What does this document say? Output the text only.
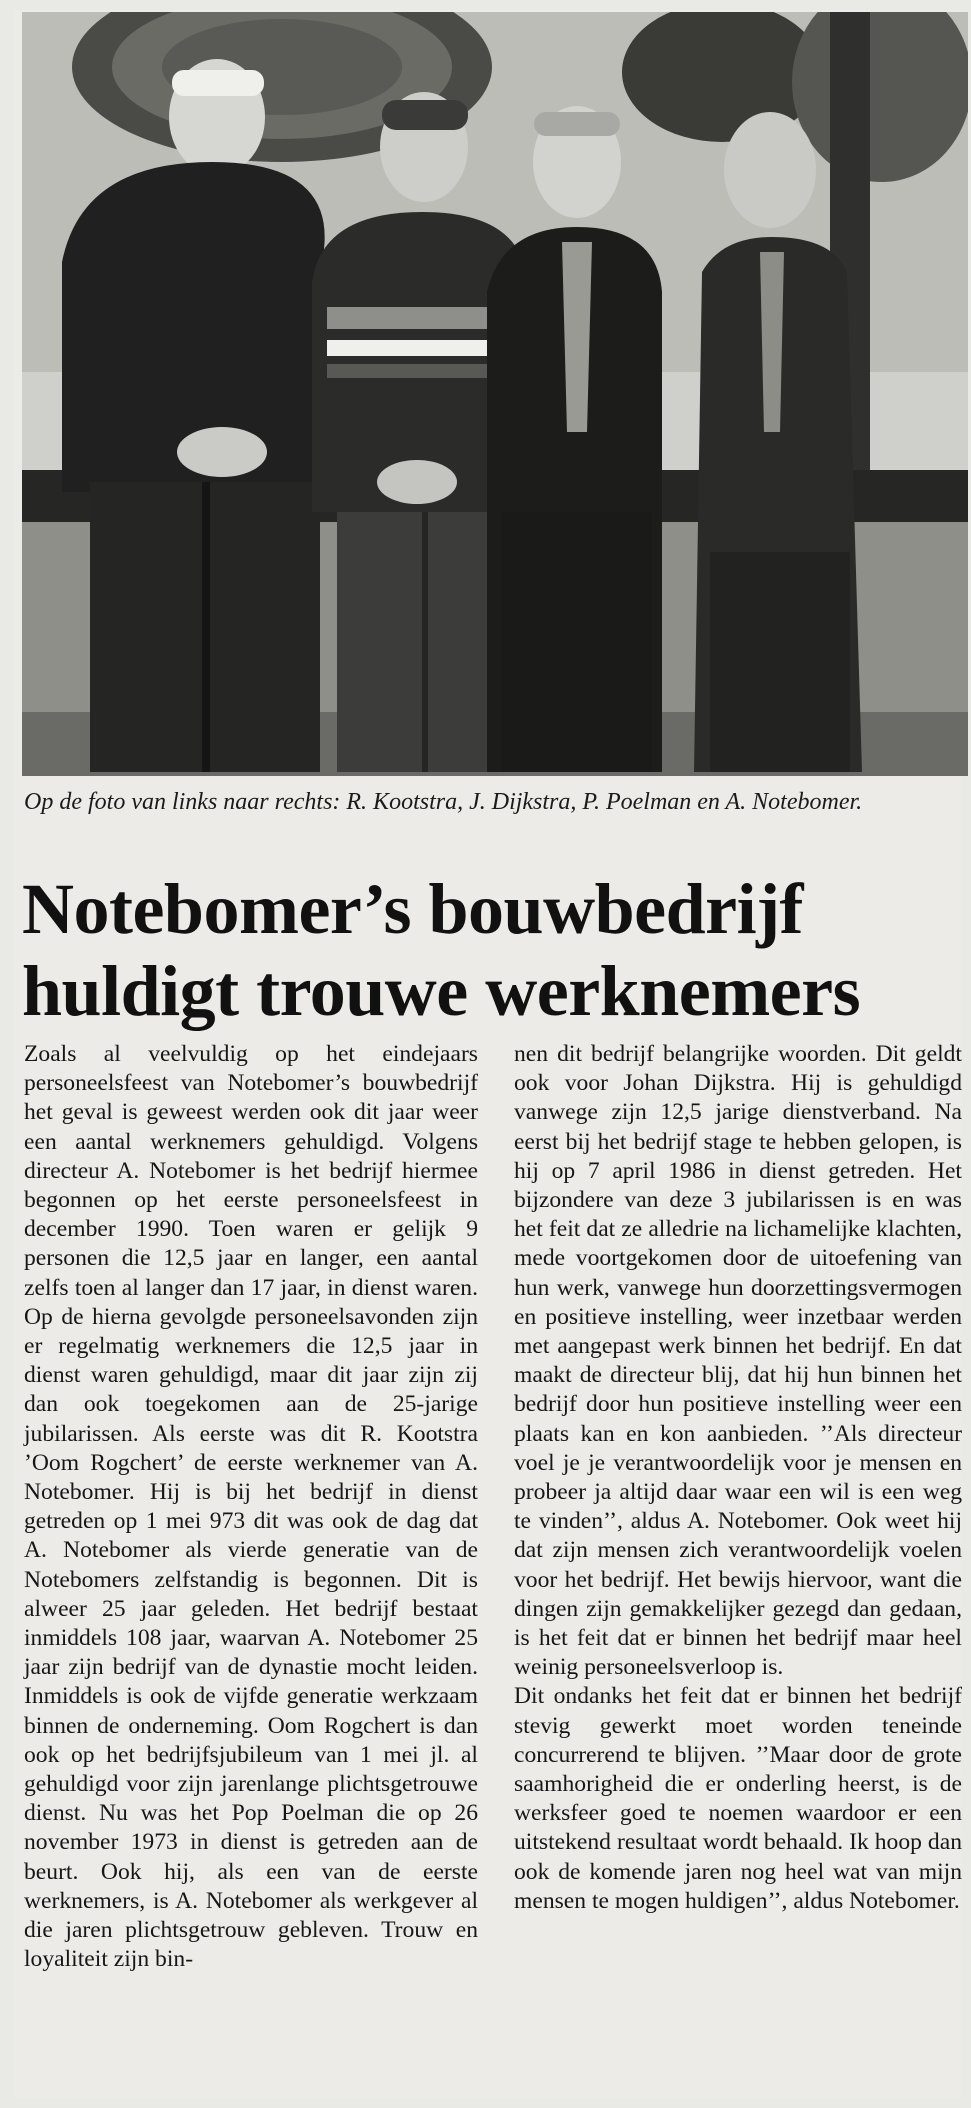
Op de foto van links naar rechts: R. Kootstra, J. Dijkstra, P. Poelman en A. Notebomer.
Notebomer’s bouwbedrijf
huldigt trouwe werknemers

Zoals al veelvuldig op het eindejaars personeelsfeest van Notebomer’s bouwbedrijf het geval is geweest werden ook dit jaar weer een aantal werknemers gehuldigd. Volgens directeur A. Notebomer is het bedrijf hiermee begonnen op het eerste personeelsfeest in december 1990. Toen waren er gelijk 9 personen die 12,5 jaar en langer, een aantal zelfs toen al langer dan 17 jaar, in dienst waren. Op de hierna gevolgde personeelsavonden zijn er regelmatig werknemers die 12,5 jaar in dienst waren gehuldigd, maar dit jaar zijn zij dan ook toegekomen aan de 25-jarige jubilarissen. Als eerste was dit R. Kootstra ’Oom Rogchert’ de eerste werknemer van A. Notebomer. Hij is bij het bedrijf in dienst getreden op 1 mei 973 dit was ook de dag dat A. Notebomer als vierde generatie van de Notebomers zelfstandig is begonnen. Dit is alweer 25 jaar geleden. Het bedrijf bestaat inmiddels 108 jaar, waarvan A. Notebomer 25 jaar zijn bedrijf van de dynastie mocht leiden. Inmiddels is ook de vijfde generatie werkzaam binnen de onderneming. Oom Rogchert is dan ook op het bedrijfsjubileum van 1 mei jl. al gehuldigd voor zijn jarenlange plichtsgetrouwe dienst. Nu was het Pop Poelman die op 26 november 1973 in dienst is getreden aan de beurt. Ook hij, als een van de eerste werknemers, is A. Notebomer als werkgever al die jaren plichtsgetrouw gebleven. Trouw en loyaliteit zijn bin-

nen dit bedrijf belangrijke woorden. Dit geldt ook voor Johan Dijkstra. Hij is gehuldigd vanwege zijn 12,5 jarige dienstverband. Na eerst bij het bedrijf stage te hebben gelopen, is hij op 7 april 1986 in dienst getreden. Het bijzondere van deze 3 jubilarissen is en was het feit dat ze alledrie na lichamelijke klachten, mede voortgekomen door de uitoefening van hun werk, vanwege hun doorzettingsvermogen en positieve instelling, weer inzetbaar werden met aangepast werk binnen het bedrijf. En dat maakt de directeur blij, dat hij hun binnen het bedrijf door hun positieve instelling weer een plaats kan en kon aanbieden. ’’Als directeur voel je je verantwoordelijk voor je mensen en probeer ja altijd daar waar een wil is een weg te vinden’’, aldus A. Notebomer. Ook weet hij dat zijn mensen zich verantwoordelijk voelen voor het bedrijf. Het bewijs hiervoor, want die dingen zijn gemakkelijker gezegd dan gedaan, is het feit dat er binnen het bedrijf maar heel weinig personeelsverloop is.

Dit ondanks het feit dat er binnen het bedrijf stevig gewerkt moet worden teneinde concurrerend te blijven. ’’Maar door de grote saamhorigheid die er onderling heerst, is de werksfeer goed te noemen waardoor er een uitstekend resultaat wordt behaald. Ik hoop dan ook de komende jaren nog heel wat van mijn mensen te mogen huldigen’’, aldus Notebomer.
